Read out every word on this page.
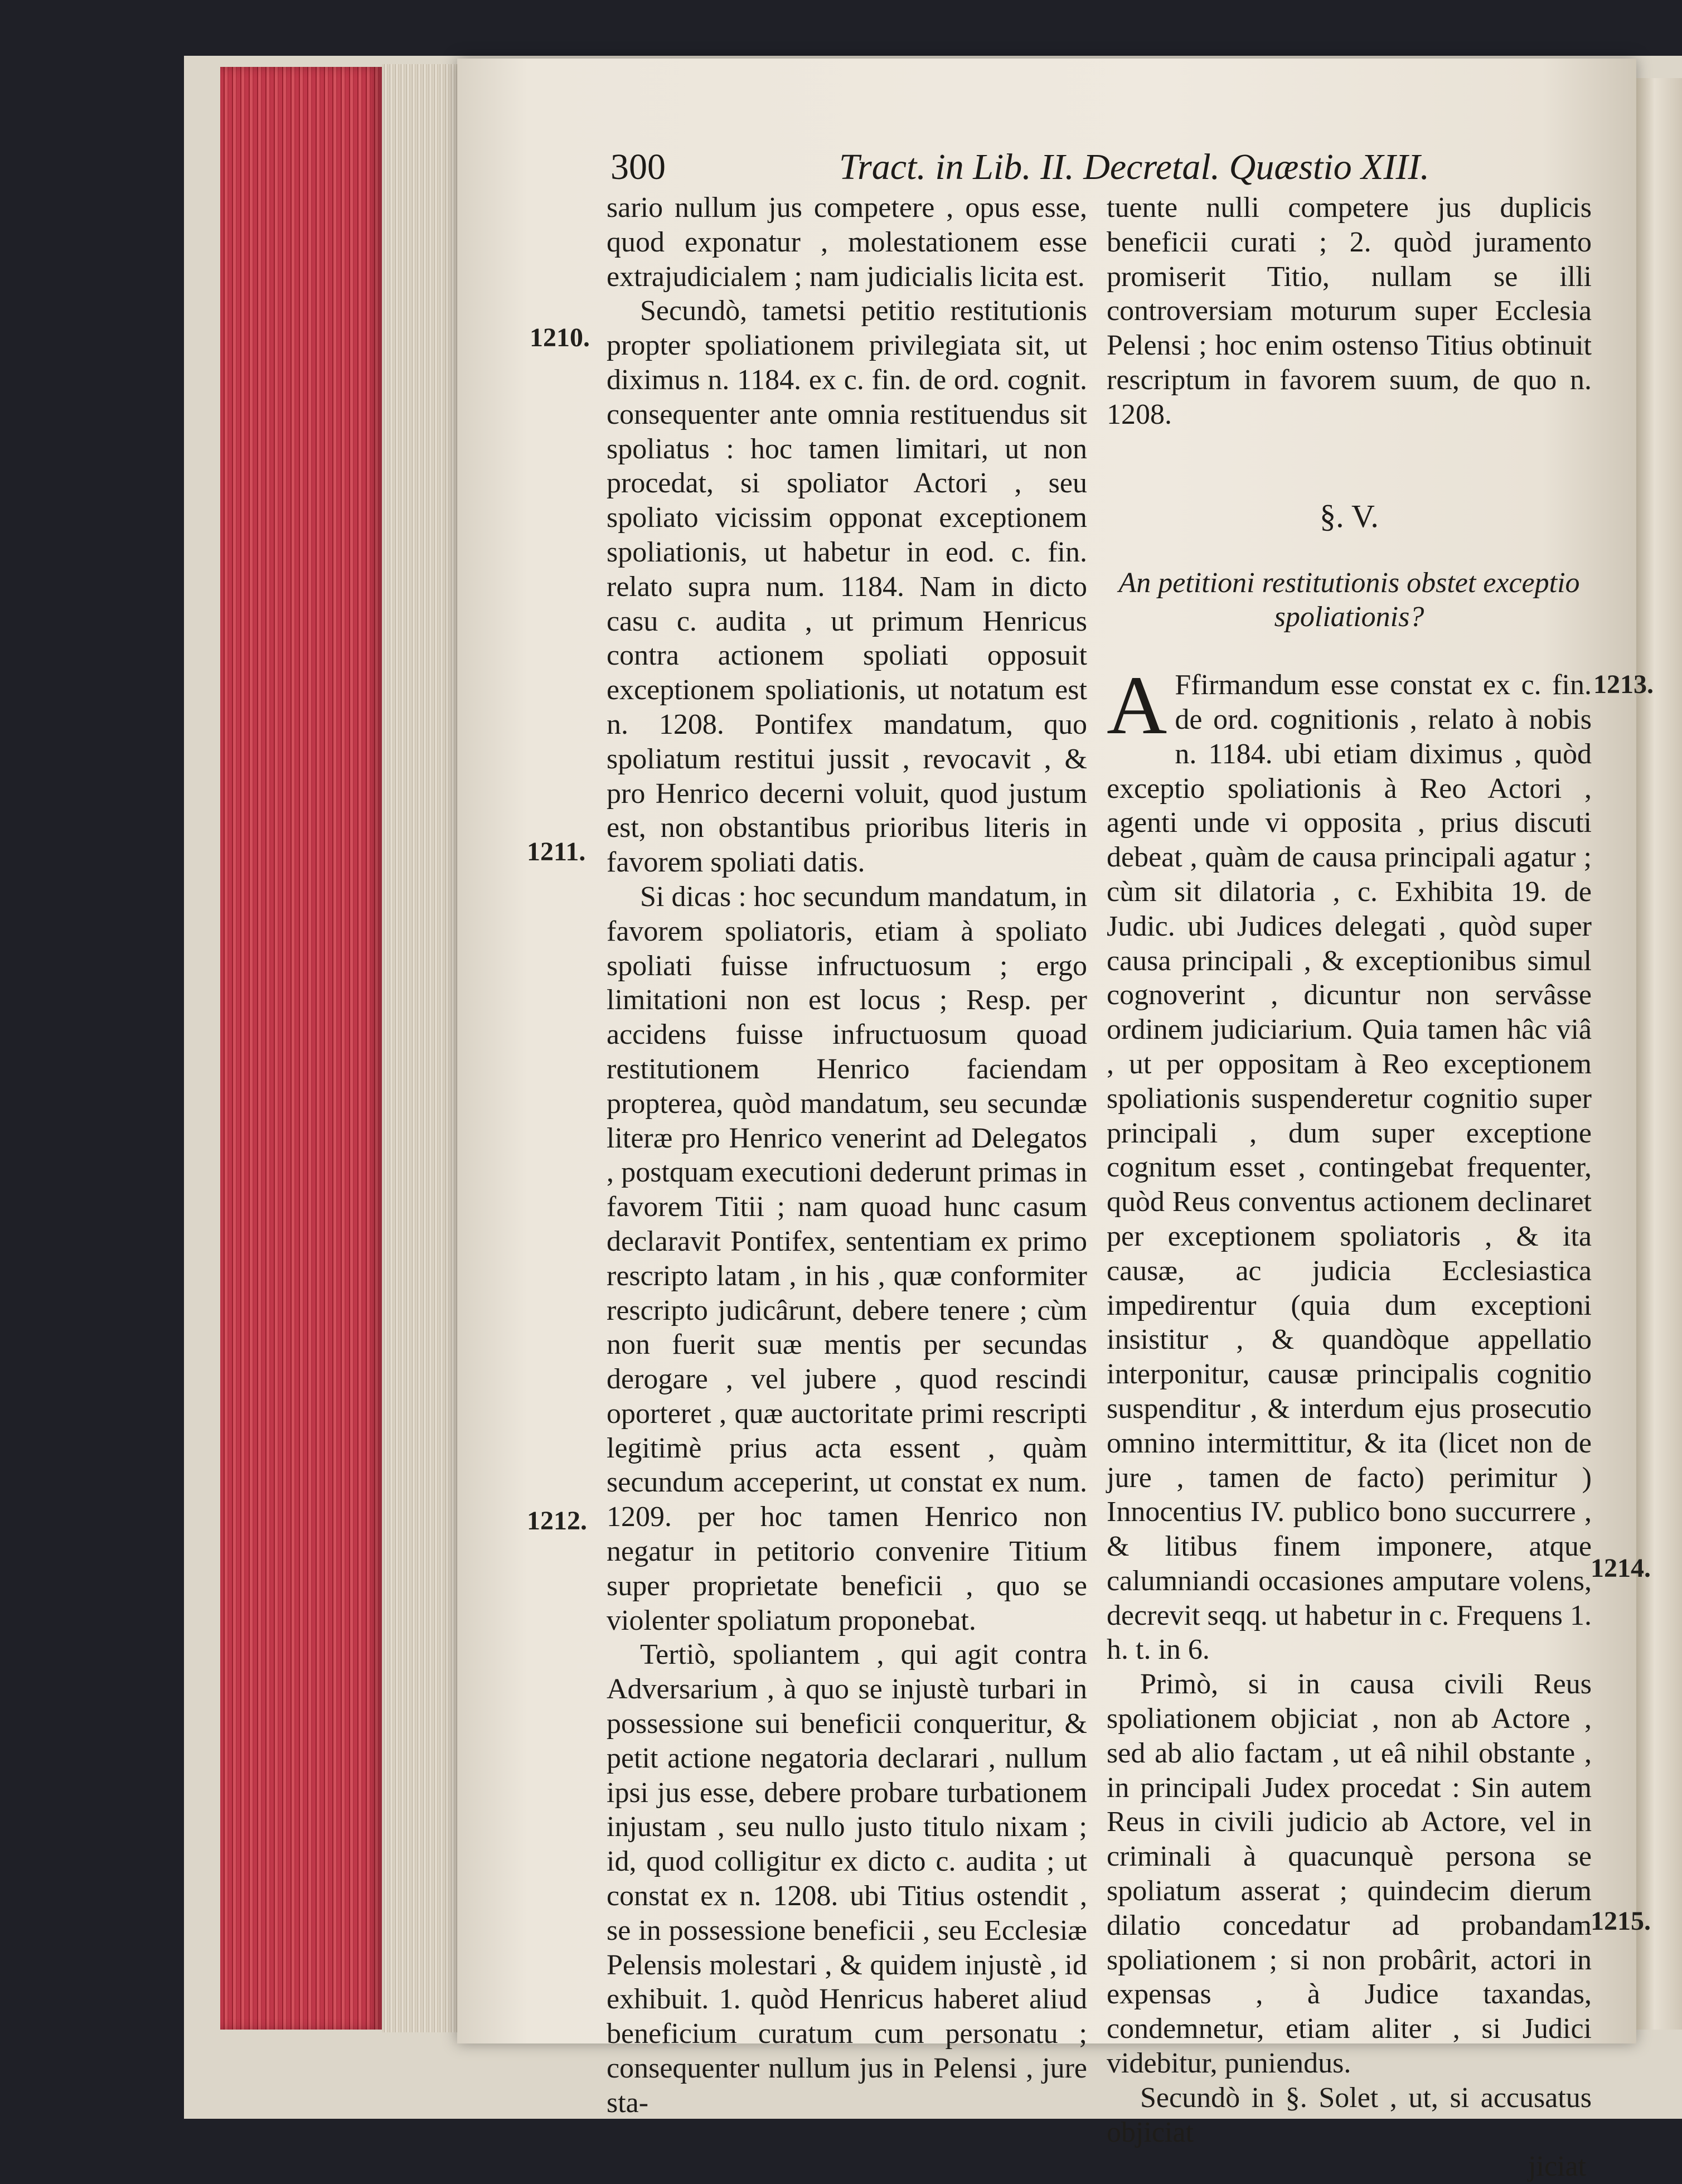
300	Tract. in Lib. II. Decretal. Quæstio XIII.
1210.
1211.
1212.
1213.
1214.
1215.

sario nullum jus competere , opus esse, quod exponatur , molestationem esse extrajudicialem ; nam judicialis licita est.

Secundò, tametsi petitio restitutionis propter spoliationem privilegiata sit, ut diximus n. 1184. ex c. fin. de ord. cognit. consequenter ante omnia restituendus sit spoliatus : hoc tamen limitari, ut non procedat, si spoliator Actori , seu spoliato vicissim opponat exceptionem spoliationis, ut habetur in eod. c. fin. relato supra num. 1184. Nam in dicto casu c. audita , ut primum Henricus contra actionem spoliati opposuit exceptionem spoliationis, ut notatum est n. 1208. Pontifex mandatum, quo spoliatum restitui jussit , revocavit , & pro Henrico decerni voluit, quod justum est, non obstantibus prioribus literis in favorem spoliati datis.

Si dicas : hoc secundum mandatum, in favorem spoliatoris, etiam à spoliato spoliati fuisse infructuosum ; ergo limitationi non est locus ; Resp. per accidens fuisse infructuosum quoad restitutionem Henrico faciendam propterea, quòd mandatum, seu secundæ literæ pro Henrico venerint ad Delegatos , postquam executioni dederunt primas in favorem Titii ; nam quoad hunc casum declaravit Pontifex, sententiam ex primo rescripto latam , in his , quæ conformiter rescripto judicârunt, debere tenere ; cùm non fuerit suæ mentis per secundas derogare , vel jubere , quod rescindi oporteret , quæ auctoritate primi rescripti legitimè prius acta essent , quàm secundum acceperint, ut constat ex num. 1209. per hoc tamen Henrico non negatur in petitorio convenire Titium super proprietate beneficii , quo se violenter spoliatum proponebat.

Tertiò, spoliantem , qui agit contra Adversarium , à quo se injustè turbari in possessione sui beneficii conqueritur, & petit actione negatoria declarari , nullum ipsi jus esse, debere probare turbationem injustam , seu nullo justo titulo nixam ; id, quod colligitur ex dicto c. audita ; ut constat ex n. 1208. ubi Titius ostendit , se in possessione beneficii , seu Ecclesiæ Pelensis molestari , & quidem injustè , id exhibuit. 1. quòd Henricus haberet aliud beneficium curatum cum personatu ; consequenter nullum jus in Pelensi , jure sta-

tuente nulli competere jus duplicis beneficii curati ; 2. quòd juramento promiserit Titio, nullam se illi controversiam moturum super Ecclesia Pelensi ; hoc enim ostenso Titius obtinuit rescriptum in favorem suum, de quo n. 1208.

§. V.

An petitioni restitutionis obstet exceptio spoliationis?

A Ffirmandum esse constat ex c. fin. de ord. cognitionis , relato à nobis n. 1184. ubi etiam diximus , quòd exceptio spoliationis à Reo Actori , agenti unde vi opposita , prius discuti debeat , quàm de causa principali agatur ; cùm sit dilatoria , c. Exhibita 19. de Judic. ubi Judices delegati , quòd super causa principali , & exceptionibus simul cognoverint , dicuntur non servâsse ordinem judiciarium. Quia tamen hâc viâ , ut per oppositam à Reo exceptionem spoliationis suspenderetur cognitio super principali , dum super exceptione cognitum esset , contingebat frequenter, quòd Reus conventus actionem declinaret per exceptionem spoliatoris , & ita causæ, ac judicia Ecclesiastica impedirentur (quia dum exceptioni insistitur , & quandòque appellatio interponitur, causæ principalis cognitio suspenditur , & interdum ejus prosecutio omnino intermittitur, & ita (licet non de jure , tamen de facto) perimitur ) Innocentius IV. publico bono succurrere , & litibus finem imponere, atque calumniandi occasiones amputare volens, decrevit seqq. ut habetur in c. Frequens 1. h. t. in 6.

Primò, si in causa civili Reus spoliationem objiciat , non ab Actore , sed ab alio factam , ut eâ nihil obstante , in principali Judex procedat : Sin autem Reus in civili judicio ab Actore, vel in criminali à quacunquè persona se spoliatum asserat ; quindecim dierum dilatio concedatur ad probandam spoliationem ; si non probârit, actori in expensas , à Judice taxandas, condemnetur, etiam aliter , si Judici videbitur, puniendus.

Secundò in §. Solet , ut, si accusatus objiciat

jiciat
